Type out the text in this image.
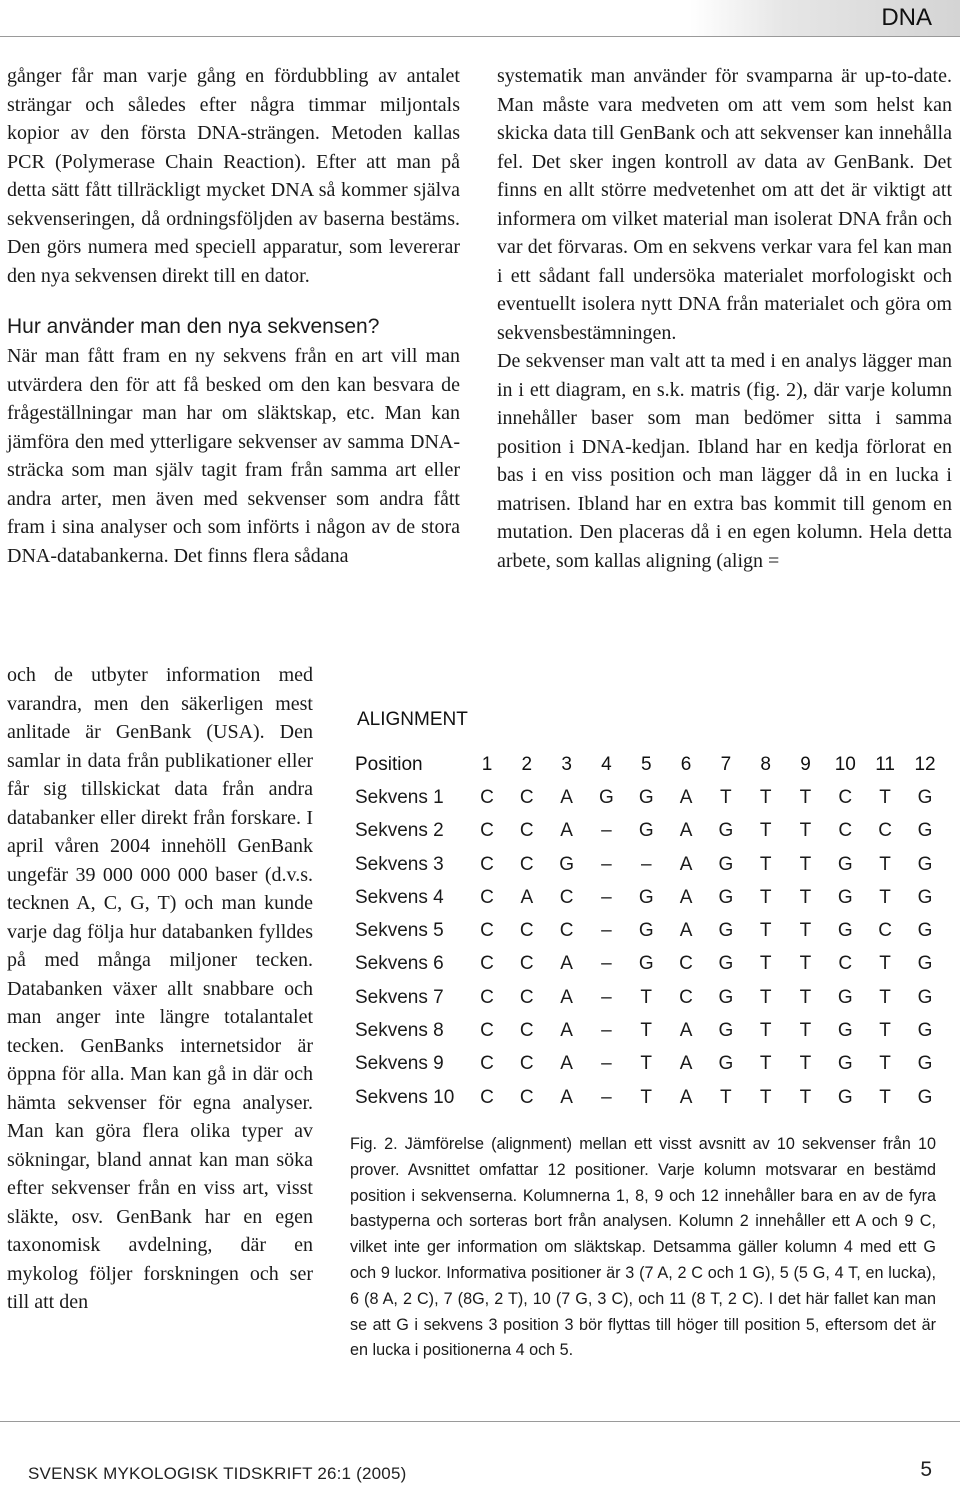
DNA

gånger får man varje gång en fördubbling av antalet strängar och således efter några timmar miljontals kopior av den första DNA-strängen. Metoden kallas PCR (Polymerase Chain Reaction). Efter att man på detta sätt fått tillräckligt mycket DNA så kommer själva sekvenseringen, då ordningsföljden av baserna bestäms. Den görs numera med speciell apparatur, som levererar den nya sekvensen direkt till en dator.

Hur använder man den nya sekvensen?

När man fått fram en ny sekvens från en art vill man utvärdera den för att få besked om den kan besvara de frågeställningar man har om släktskap, etc. Man kan jämföra den med ytterligare sekvenser av samma DNA-sträcka som man själv tagit fram från samma art eller andra arter, men även med sekvenser som andra fått fram i sina analyser och som införts i någon av de stora DNA-databankerna. Det finns flera sådana

och de utbyter information med varandra, men den säkerligen mest anlitade är GenBank (USA). Den samlar in data från publikationer eller får sig tillskickat data från andra databanker eller direkt från forskare. I april våren 2004 innehöll GenBank ungefär 39 000 000 000 baser (d.v.s. tecknen A, C, G, T) och man kunde varje dag följa hur databanken fylldes på med många miljoner tecken. Databanken växer allt snabbare och man anger inte längre totalantalet tecken. GenBanks internetsidor är öppna för alla. Man kan gå in där och hämta sekvenser för egna analyser. Man kan göra flera olika typer av sökningar, bland annat kan man söka efter sekvenser från en viss art, visst släkte, osv. GenBank har en egen taxonomisk avdelning, där en mykolog följer forskningen och ser till att den

systematik man använder för svamparna är up-to-date. Man måste vara medveten om att vem som helst kan skicka data till GenBank och att sekvenser kan innehålla fel. Det sker ingen kontroll av data av GenBank. Det finns en allt större medvetenhet om att det är viktigt att informera om vilket material man isolerat DNA från och var det förvaras. Om en sekvens verkar vara fel kan man i ett sådant fall undersöka materialet morfologiskt och eventuellt isolera nytt DNA från materialet och göra om sekvensbestämningen.

De sekvenser man valt att ta med i en analys lägger man in i ett diagram, en s.k. matris (fig. 2), där varje kolumn innehåller baser som man bedömer sitta i samma position i DNA-kedjan. Ibland har en kedja förlorat en bas i en viss position och man lägger då in en lucka i matrisen. Ibland har en extra bas kommit till genom en mutation. Den placeras då i en egen kolumn. Hela detta arbete, som kallas aligning (align =

ALIGNMENT
Position	1	2	3	4	5	6	7	8	9	10	11	12
Sekvens 1	C	C	A	G	G	A	T	T	T	C	T	G
Sekvens 2	C	C	A	–	G	A	G	T	T	C	C	G
Sekvens 3	C	C	G	–	–	A	G	T	T	G	T	G
Sekvens 4	C	A	C	–	G	A	G	T	T	G	T	G
Sekvens 5	C	C	C	–	G	A	G	T	T	G	C	G
Sekvens 6	C	C	A	–	G	C	G	T	T	C	T	G
Sekvens 7	C	C	A	–	T	C	G	T	T	G	T	G
Sekvens 8	C	C	A	–	T	A	G	T	T	G	T	G
Sekvens 9	C	C	A	–	T	A	G	T	T	G	T	G
Sekvens 10	C	C	A	–	T	A	T	T	T	G	T	G
Fig. 2. Jämförelse (alignment) mellan ett visst avsnitt av 10 sekvenser från 10 prover. Avsnittet omfattar 12 positioner. Varje kolumn motsvarar en bestämd position i sekvenserna. Kolumnerna 1, 8, 9 och 12 innehåller bara en av de fyra bastyperna och sorteras bort från analysen. Kolumn 2 innehåller ett A och 9 C, vilket inte ger information om släktskap. Detsamma gäller kolumn 4 med ett G och 9 luckor. Informativa positioner är 3 (7 A, 2 C och 1 G), 5 (5 G, 4 T, en lucka), 6 (8 A, 2 C), 7 (8G, 2 T), 10 (7 G, 3 C), och 11 (8 T, 2 C). I det här fallet kan man se att G i sekvens 3 position 3 bör flyttas till höger till position 5, eftersom det är en lucka i positionerna 4 och 5.
SVENSK MYKOLOGISK TIDSKRIFT 26:1 (2005)	5
